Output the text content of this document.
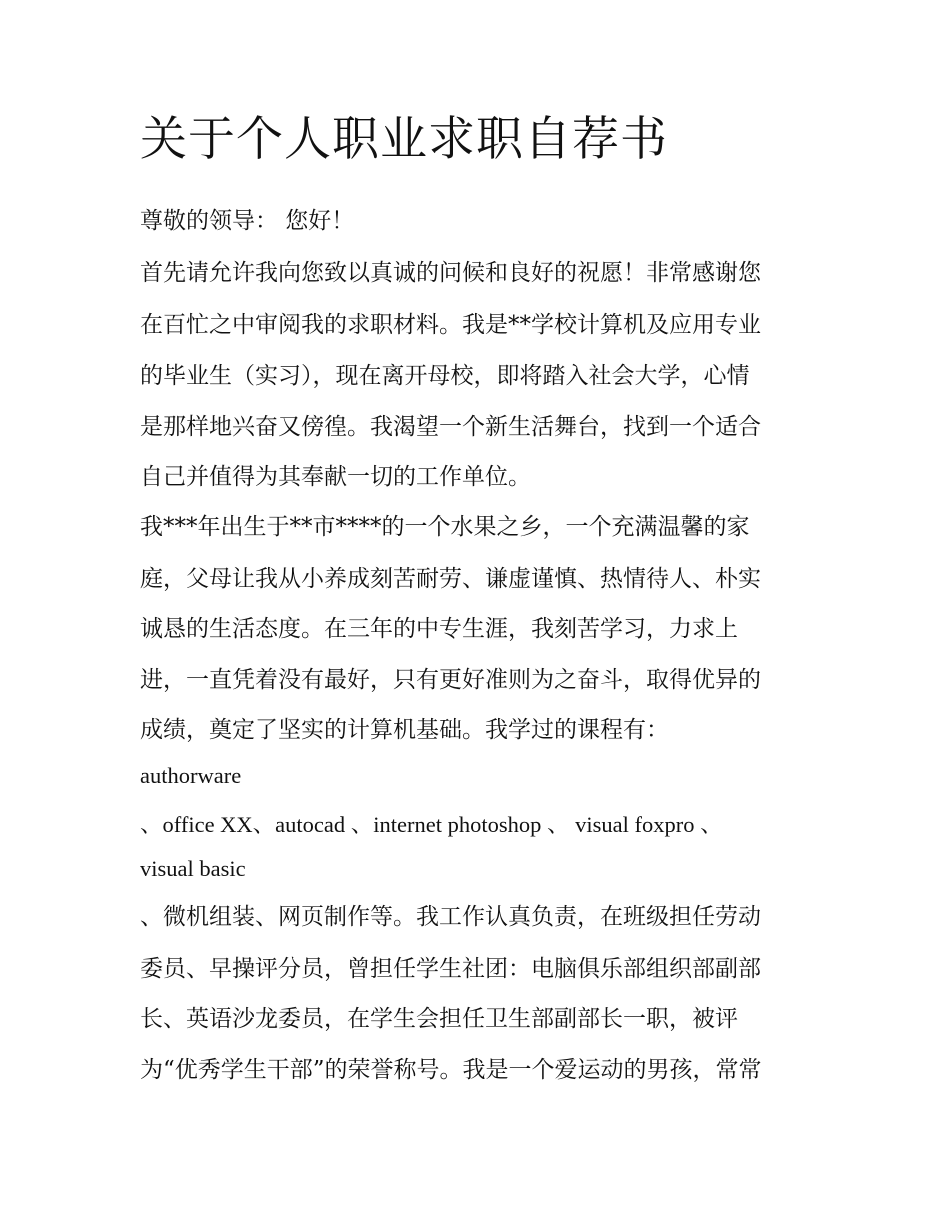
关于个人职业求职自荐书

尊敬的领导： 您好！

首先请允许我向您致以真诚的问候和良好的祝愿！非常感谢您

在百忙之中审阅我的求职材料。我是**学校计算机及应用专业

的毕业生（实习），现在离开母校，即将踏入社会大学，心情

是那样地兴奋又傍徨。我渴望一个新生活舞台，找到一个适合

自己并值得为其奉献一切的工作单位。

我***年出生于**市****的一个水果之乡，一个充满温馨的家

庭，父母让我从小养成刻苦耐劳、谦虚谨慎、热情待人、朴实

诚恳的生活态度。在三年的中专生涯，我刻苦学习，力求上

进，一直凭着没有最好，只有更好准则为之奋斗，取得优异的

成绩，奠定了坚实的计算机基础。我学过的课程有：

authorware

、office XX、autocad 、internet photoshop 、 visual foxpro 、

visual basic

、微机组装、网页制作等。我工作认真负责，在班级担任劳动

委员、早操评分员，曾担任学生社团：电脑俱乐部组织部副部

长、英语沙龙委员，在学生会担任卫生部副部长一职，被评

为“优秀学生干部”的荣誉称号。我是一个爱运动的男孩，常常
